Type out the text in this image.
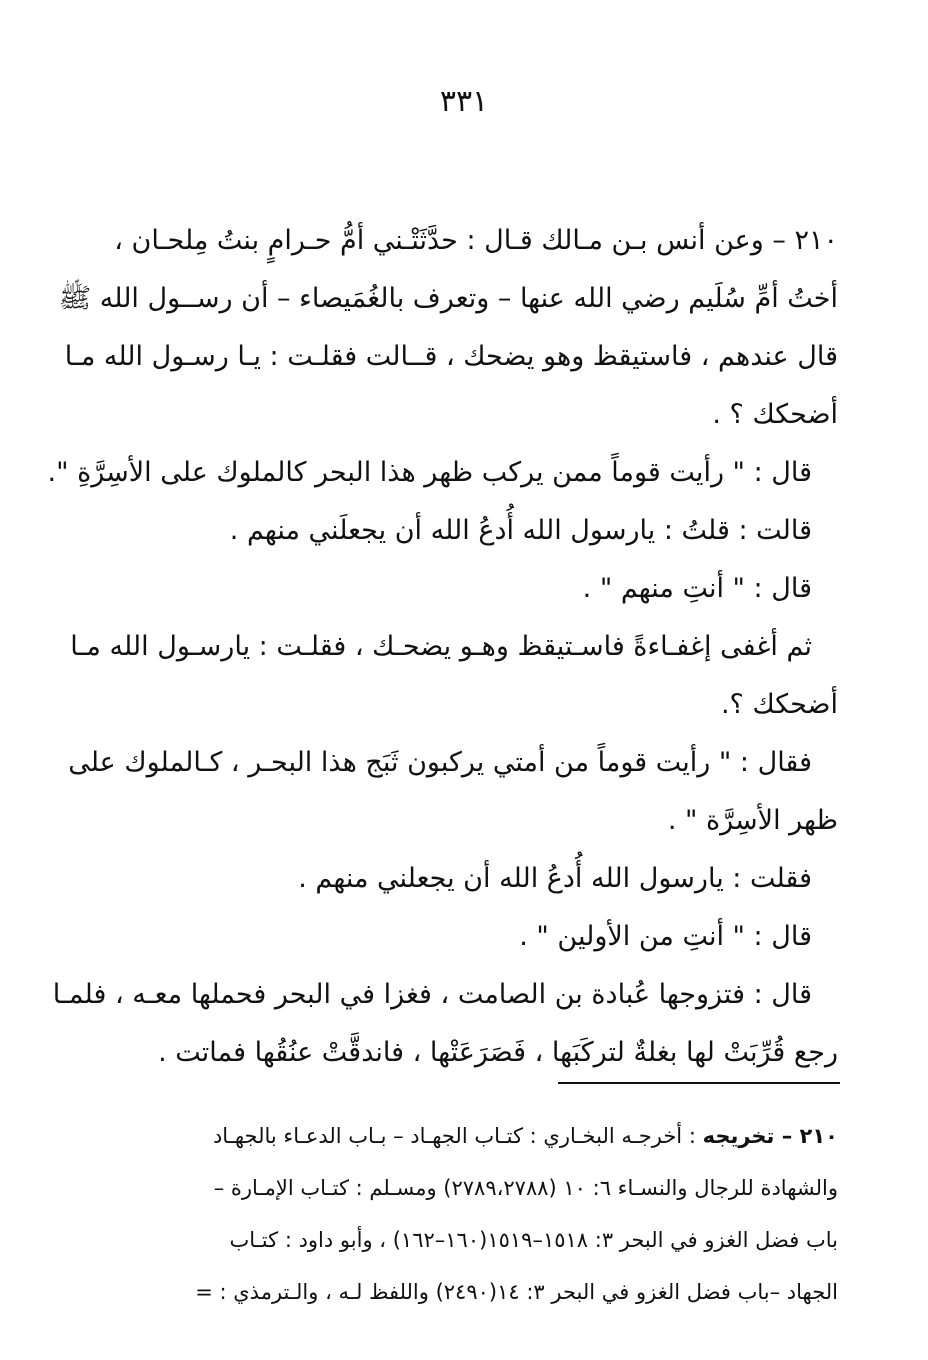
٣٣١
٢١٠ – وعن أنس بـن مـالك قـال : حدَّثَتْـني أمُّ حـرامٍ بنتُ مِلحـان ،
أختُ أمِّ سُلَيم رضي الله عنها – وتعرف بالغُمَيصاء – أن رســول الله ﷺ
قال عندهم ، فاستيقظ وهو يضحك ، قــالت فقلـت : يـا رسـول الله مـا
أضحكك ؟ .
قال : " رأيت قوماً ممن يركب ظهر هذا البحر كالملوك على الأسِرَّةِ ".
قالت : قلتُ : يارسول الله أُدعُ الله أن يجعلَني منهم .
قال : " أنتِ منهم " .
ثم أغفى إغفـاءةً فاسـتيقظ وهـو يضحـك ، فقلـت : يارسـول الله مـا
أضحكك ؟.
فقال : " رأيت قوماً من أمتي يركبون ثَبَج هذا البحـر ، كـالملوك على
ظهر الأسِرَّة " .
فقلت : يارسول الله أُدعُ الله أن يجعلني منهم .
قال : " أنتِ من الأولين " .
قال : فتزوجها عُبادة بن الصامت ، فغزا في البحر فحملها معـه ، فلمـا
رجع قُرِّبَتْ لها بغلةٌ لتركَبَها ، فَصَرَعَتْها ، فاندقَّتْ عنُقُها فماتت .
٢١٠ – تخريجه : أخرجـه البخـاري : كتـاب الجهـاد – بـاب الدعـاء بالجهـاد
والشهادة للرجال والنسـاء ٦: ١٠ (٢٧٨٩،٢٧٨٨) ومسـلم : كتـاب الإمـارة –
باب فضل الغزو في البحر ٣: ١٥١٨–١٥١٩(١٦٠–١٦٢) ، وأبو داود : كتـاب
الجهاد –باب فضل الغزو في البحر ٣: ١٤(٢٤٩٠) واللفظ لـه ، والـترمذي : =
